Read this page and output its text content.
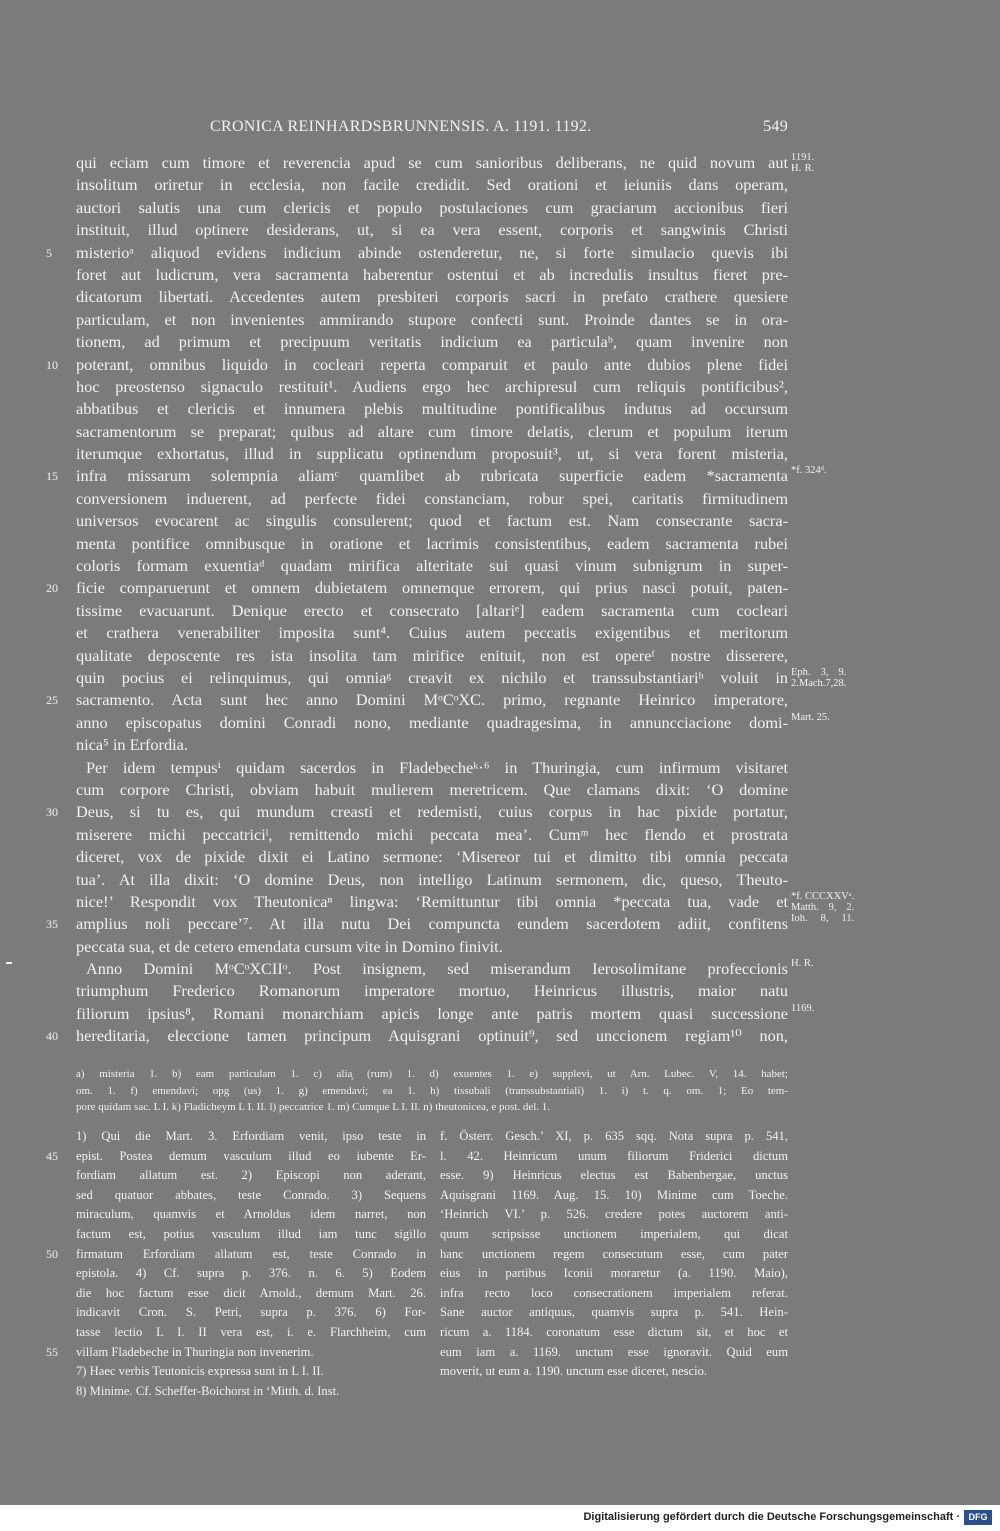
CRONICA REINHARDSBRUNNENSIS. A. 1191. 1192.	549
qui eciam cum timore et reverencia apud se cum sanioribus deliberans, ne quid novum aut 1191.
H. R.
insolitum oriretur in ecclesia, non facile credidit. Sed orationi et ieiuniis dans operam,
auctori salutis una cum clericis et populo postulaciones cum graciarum accionibus fieri
instituit, illud optinere desiderans, ut, si ea vera essent, corporis et sangwinis Christi
misterioᵃ aliquod evidens indicium abinde ostenderetur, ne, si forte simulacio quevis ibi
5
foret aut ludicrum, vera sacramenta haberentur ostentui et ab incredulis insultus fieret pre-
dicatorum libertati. Accedentes autem presbiteri corporis sacri in prefato crathere quesiere
particulam, et non invenientes ammirando stupore confecti sunt. Proinde dantes se in ora-
tionem, ad primum et precipuum veritatis indicium ea particulaᵇ, quam invenire non
poterant, omnibus liquido in cocleari reperta comparuit et paulo ante dubios plene fidei
10
hoc preostenso signaculo restituit¹. Audiens ergo hec archipresul cum reliquis pontificibus²,
abbatibus et clericis et innumera plebis multitudine pontificalibus indutus ad occursum
sacramentorum se preparat; quibus ad altare cum timore delatis, clerum et populum iterum
iterumque exhortatus, illud in supplicatu optinendum proposuit³, ut, si vera forent misteria,
infra missarum solempnia aliamᶜ quamlibet ab rubricata superficie eadem *sacramenta
15	*f. 324ᵈ.
conversionem induerent, ad perfecte fidei constanciam, robur spei, caritatis firmitudinem
universos evocarent ac singulis consulerent; quod et factum est. Nam consecrante sacra-
menta pontifice omnibusque in oratione et lacrimis consistentibus, eadem sacramenta rubei
coloris formam exuentiaᵈ quadam mirifica alteritate sui quasi vinum subnigrum in super-
ficie comparuerunt et omnem dubietatem omnemque errorem, qui prius nasci potuit, paten-
20
tissime evacuarunt. Denique erecto et consecrato [altariᵉ] eadem sacramenta cum cocleari
et crathera venerabiliter imposita sunt⁴. Cuius autem peccatis exigentibus et meritorum
qualitate deposcente res ista insolita tam mirifice enituit, non est opereᶠ nostre disserere,
quin pocius ei relinquimus, qui omniaᵍ creavit ex nichilo et transsubstantiariʰ voluit in Eph. 3, 9.
2.Mach.7,28.
sacramento. Acta sunt hec anno Domini MᵒCᵒXC. primo, regnante Heinrico imperatore,
25
anno episcopatus domini Conradi nono, mediante quadragesima, in annuncciacione domi- Mart. 25.
nica⁵ in Erfordia.
Per idem tempusⁱ quidam sacerdos in Fladebecheᵏ·⁶ in Thuringia, cum infirmum visitaret
cum corpore Christi, obviam habuit mulierem meretricem. Que clamans dixit: ‘O domine
Deus, si tu es, qui mundum creasti et redemisti, cuius corpus in hac pixide portatur,
30
miserere michi peccatriciˡ, remittendo michi peccata mea’. Cumᵐ hec flendo et prostrata
diceret, vox de pixide dixit ei Latino sermone: ‘Misereor tui et dimitto tibi omnia peccata
tua’. At illa dixit: ‘O domine Deus, non intelligo Latinum sermonem, dic, queso, Theuto-
nice!’ Respondit vox Theutonicaⁿ lingwa: ‘Remittuntur tibi omnia *peccata tua, vade et *f. CCCXXVᵃ.
Matth. 9, 2.
Ioh. 8, 11.
amplius noli peccare’⁷. At illa nutu Dei compuncta eundem sacerdotem adiit, confitens
35
peccata sua, et de cetero emendata cursum vite in Domino finivit.
Anno Domini MᵒCᵒXCIIᵒ. Post insignem, sed miserandum Ierosolimitane profeccionis H. R.
triumphum Frederico Romanorum imperatore mortuo, Heinricus illustris, maior natu
filiorum ipsius⁸, Romani monarchiam apicis longe ante patris mortem quasi successione 1169.
hereditaria, eleccione tamen principum Aquisgrani optinuit⁹, sed unccionem regiam¹⁰ non,
40
a) misteria 1. b) eam particulam 1. c) alia̧ (rum) 1. d) exuentes 1. e) supplevi, ut Arn. Lubec. V, 14. habet;
om. 1. f) emendavi; opg (us) 1. g) emendavi; ea 1. h) tissubali (transsubstantiali) 1. i) t. q. om. 1; Eo tem-
pore quidam sac. L I. k) Fladicheym L I. II. l) peccatrice 1. m) Cumque L I. II. n) theutonicea, e post. del. 1.
1) Qui die Mart. 3. Erfordiam venit, ipso teste in
epist. Postea demum vasculum illud eo iubente Er-
45
fordiam allatum est. 2) Episcopi non aderant,
sed quatuor abbates, teste Conrado. 3) Sequens
miraculum, quamvis et Arnoldus idem narret, non
factum est, potius vasculum illud iam tunc sigillo
firmatum Erfordiam allatum est, teste Conrado in
50
epistola. 4) Cf. supra p. 376. n. 6. 5) Eodem
die hoc factum esse dicit Arnold., demum Mart. 26.
indicavit Cron. S. Petri, supra p. 376. 6) For-
tasse lectio L I. II vera est, i. e. Flarchheim, cum
villam Fladebeche in Thuringia non invenerim.
55
7) Haec verbis Teutonicis expressa sunt in L I. II.
8) Minime. Cf. Scheffer-Boichorst in ‘Mitth. d. Inst.
f. Österr. Gesch.’ XI, p. 635 sqq. Nota supra p. 541,
l. 42. Heinricum unum filiorum Friderici dictum
esse. 9) Heinricus electus est Babenbergae, unctus
Aquisgrani 1169. Aug. 15. 10) Minime cum Toeche.
‘Heinrich VI.’ p. 526. credere potes auctorem anti-
quum scripsisse unctionem imperialem, qui dicat
hanc unctionem regem consecutum esse, cum pater
eius in partibus Iconii moraretur (a. 1190. Maio),
infra recto loco consecrationem imperialem referat.
Sane auctor antiquus, quamvis supra p. 541. Hein-
ricum a. 1184. coronatum esse dictum sit, et hoc et
eum iam a. 1169. unctum esse ignoravit. Quid eum
moverit, ut eum a. 1190. unctum esse diceret, nescio.
Digitalisierung gefördert durch die Deutsche Forschungsgemeinschaft · DFG
